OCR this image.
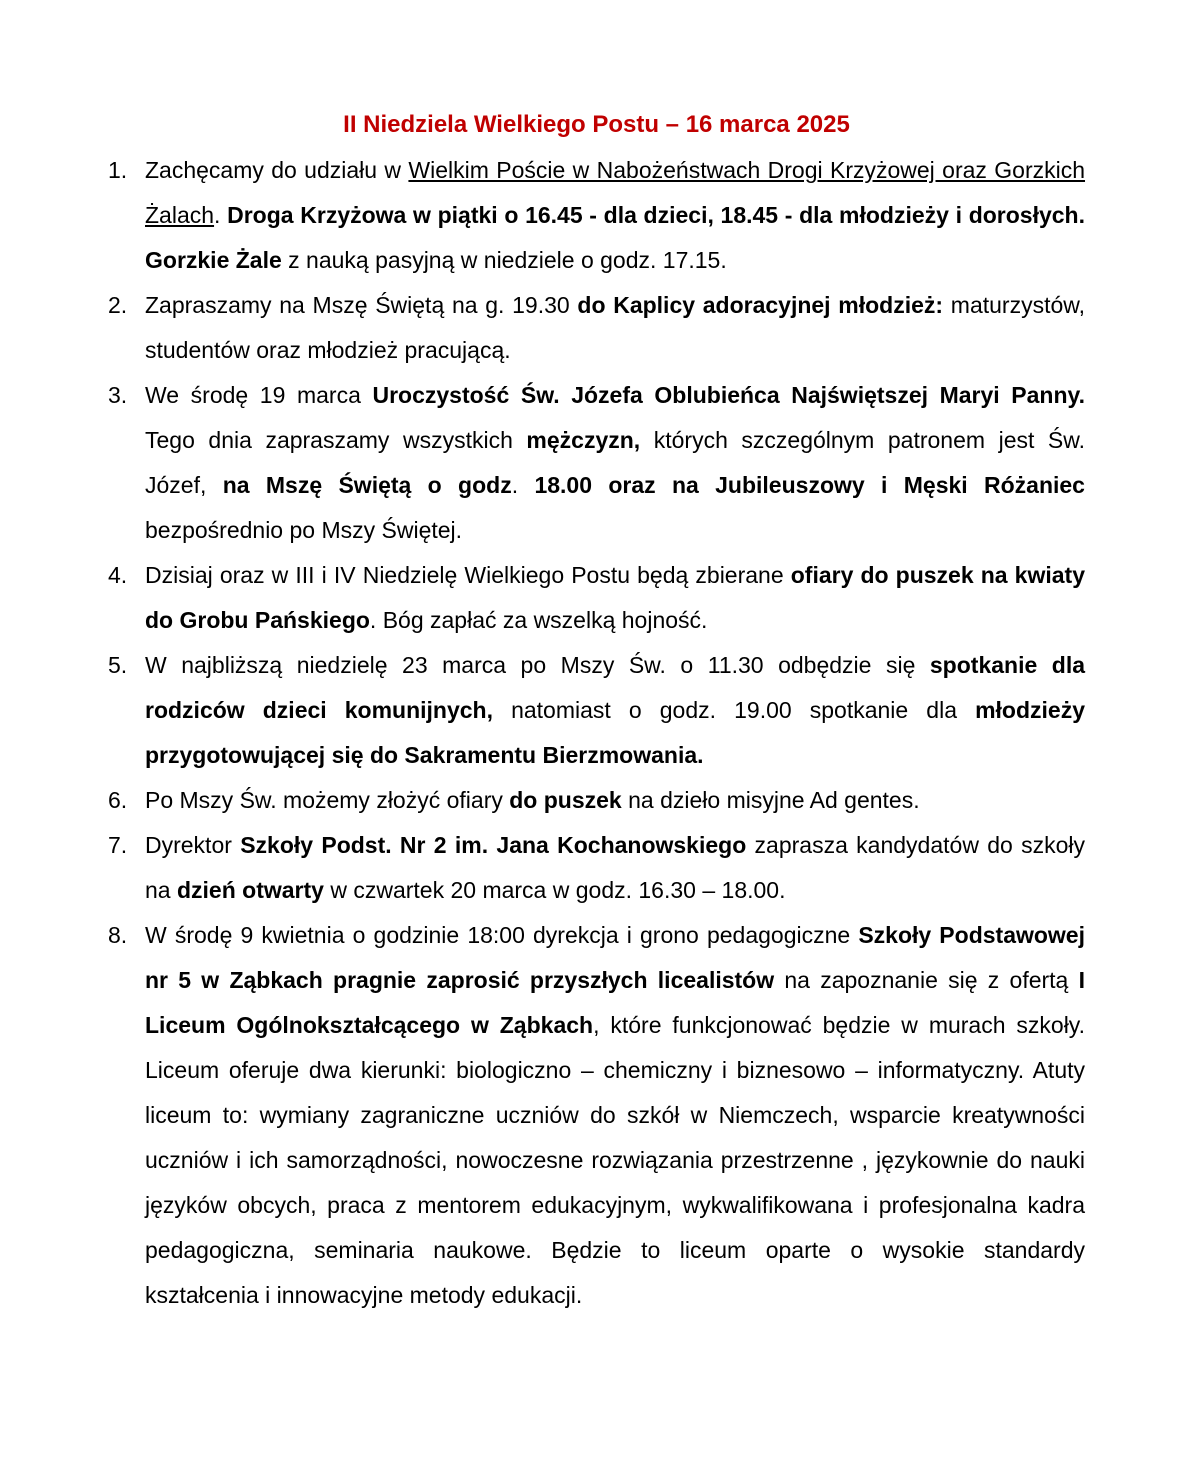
II Niedziela Wielkiego Postu – 16 marca 2025
1. Zachęcamy do udziału w Wielkim Poście w Nabożeństwach Drogi Krzyżowej oraz Gorzkich Żalach. Droga Krzyżowa w piątki o 16.45 - dla dzieci, 18.45 - dla młodzieży i dorosłych. Gorzkie Żale z nauką pasyjną w niedziele o godz. 17.15.
2. Zapraszamy na Mszę Świętą na g. 19.30 do Kaplicy adoracyjnej młodzież: maturzystów, studentów oraz młodzież pracującą.
3. We środę 19 marca Uroczystość Św. Józefa Oblubieńca Najświętszej Maryi Panny. Tego dnia zapraszamy wszystkich mężczyzn, których szczególnym patronem jest Św. Józef, na Mszę Świętą o godz. 18.00 oraz na Jubileuszowy i Męski Różaniec bezpośrednio po Mszy Świętej.
4. Dzisiaj oraz w III i IV Niedzielę Wielkiego Postu będą zbierane ofiary do puszek na kwiaty do Grobu Pańskiego. Bóg zapłać za wszelką hojność.
5. W najbliższą niedzielę 23 marca po Mszy Św. o 11.30 odbędzie się spotkanie dla rodziców dzieci komunijnych, natomiast o godz. 19.00 spotkanie dla młodzieży przygotowującej się do Sakramentu Bierzmowania.
6. Po Mszy Św. możemy złożyć ofiary do puszek na dzieło misyjne Ad gentes.
7. Dyrektor Szkoły Podst. Nr 2 im. Jana Kochanowskiego zaprasza kandydatów do szkoły na dzień otwarty w czwartek 20 marca w godz. 16.30 – 18.00.
8. W środę 9 kwietnia o godzinie 18:00 dyrekcja i grono pedagogiczne Szkoły Podstawowej nr 5 w Ząbkach pragnie zaprosić przyszłych licealistów na zapoznanie się z ofertą I Liceum Ogólnokształcącego w Ząbkach, które funkcjonować będzie w murach szkoły. Liceum oferuje dwa kierunki: biologiczno – chemiczny i biznesowo – informatyczny. Atuty liceum to: wymiany zagraniczne uczniów do szkół w Niemczech, wsparcie kreatywności uczniów i ich samorządności, nowoczesne rozwiązania przestrzenne , językownie do nauki języków obcych, praca z mentorem edukacyjnym, wykwalifikowana i profesjonalna kadra pedagogiczna, seminaria naukowe. Będzie to liceum oparte o wysokie standardy kształcenia i innowacyjne metody edukacji.
